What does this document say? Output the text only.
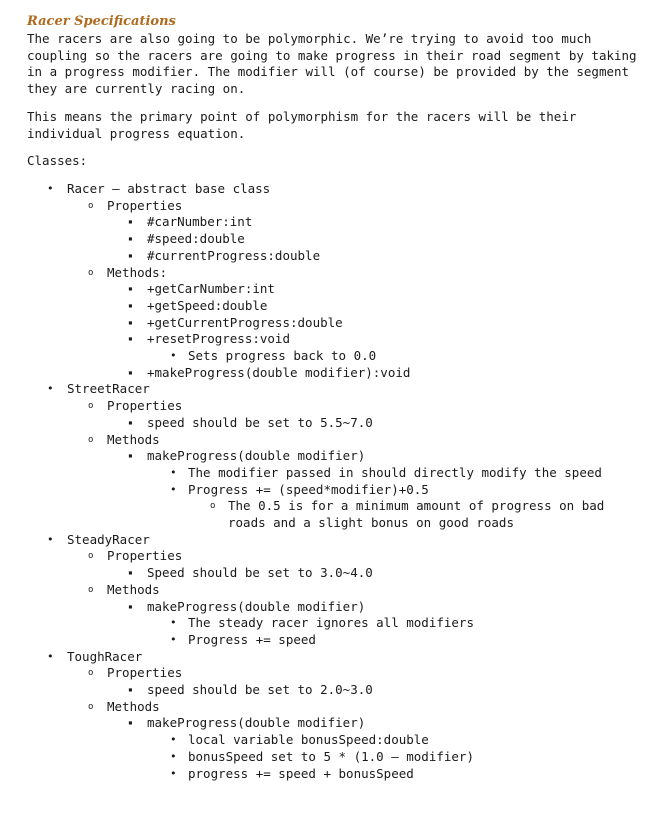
Racer Specifications
The racers are also going to be polymorphic. We’re trying to avoid too much
coupling so the racers are going to make progress in their road segment by taking
in a progress modifier. The modifier will (of course) be provided by the segment
they are currently racing on.
This means the primary point of polymorphism for the racers will be their
individual progress equation.
Classes:
• Racer – abstract base class
o Properties
▪ #carNumber:int
▪ #speed:double
▪ #currentProgress:double
o Methods:
▪ +getCarNumber:int
▪ +getSpeed:double
▪ +getCurrentProgress:double
▪ +resetProgress:void
• Sets progress back to 0.0
▪ +makeProgress(double modifier):void
• StreetRacer
o Properties
▪ speed should be set to 5.5~7.0
o Methods
▪ makeProgress(double modifier)
• The modifier passed in should directly modify the speed
• Progress += (speed*modifier)+0.5
o The 0.5 is for a minimum amount of progress on bad
roads and a slight bonus on good roads
• SteadyRacer
o Properties
▪ Speed should be set to 3.0~4.0
o Methods
▪ makeProgress(double modifier)
• The steady racer ignores all modifiers
• Progress += speed
• ToughRacer
o Properties
▪ speed should be set to 2.0~3.0
o Methods
▪ makeProgress(double modifier)
• local variable bonusSpeed:double
• bonusSpeed set to 5 * (1.0 – modifier)
• progress += speed + bonusSpeed
